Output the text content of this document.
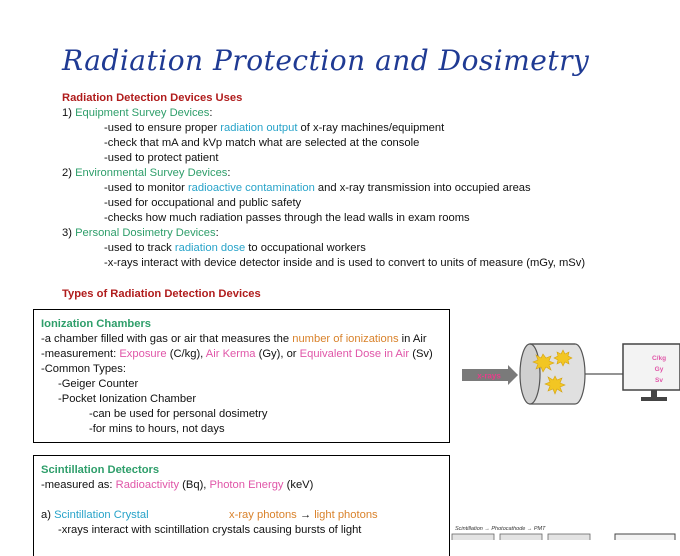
Radiation Protection and Dosimetry
Radiation Detection Devices Uses
1) Equipment Survey Devices:
-used to ensure proper radiation output of x-ray machines/equipment
-check that mA and kVp match what are selected at the console
-used to protect patient
2) Environmental Survey Devices:
-used to monitor radioactive contamination and x-ray transmission into occupied areas
-used for occupational and public safety
-checks how much radiation passes through the lead walls in exam rooms
3) Personal Dosimetry Devices:
-used to track radiation dose to occupational workers
-x-rays interact with device detector inside and is used to convert to units of measure (mGy, mSv)
Types of Radiation Detection Devices
Ionization Chambers
-a chamber filled with gas or air that measures the number of ionizations in Air
-measurement: Exposure (C/kg), Air Kerma (Gy), or Equivalent Dose in Air (Sv)
-Common Types:
-Geiger Counter
-Pocket Ionization Chamber
-can be used for personal dosimetry
-for mins to hours, not days
x-rays
C/kg
Gy
Sv
Scintillation Detectors
-measured as: Radioactivity (Bq), Photon Energy (keV)
a) Scintillation Crystal	x-ray photons → light photons
-xrays interact with scintillation crystals causing bursts of light	Scintillation → Photocathode → PMT
